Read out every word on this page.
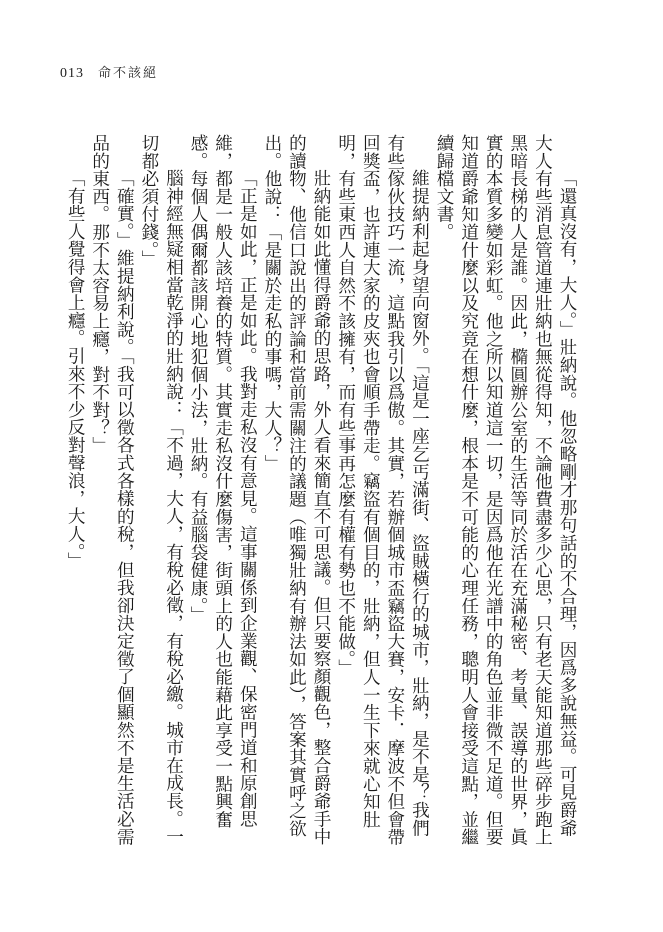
013 命不該絕

「還真沒有，大人。」壯納說。他忽略剛才那句話的不合理，因爲多說無益。可見爵爺大人有些消息管道連壯納也無從得知，不論他費盡多少心思，只有老天能知道那些碎步跑上黑暗長梯的人是誰。因此，橢圓辦公室的生活等同於活在充滿秘密、考量、誤導的世界，眞實的本質多變如彩虹。他之所以知道這一切，是因爲他在光譜中的角色並非微不足道。但要知道爵爺知道什麼以及究竟在想什麼，根本是不可能的心理任務，聰明人會接受這點，並繼續歸檔文書。

維提納利起身望向窗外。「這是一座乞丐滿街、盜賊橫行的城市，壯納，是不是？我們有些傢伙技巧一流，這點我引以爲傲。其實，若辦個城市盃竊盜大賽，安卡．摩波不但會帶回獎盃，也許連大家的皮夾也會順手帶走。竊盜有個目的，壯納，但人一生下來就心知肚明，有些東西人自然不該擁有，而有些事再怎麼有權有勢也不能做。」

壯納能如此懂得爵爺的思路，外人看來簡直不可思議。但只要察顏觀色，整合爵爺手中的讀物、他信口說出的評論和當前需關注的議題（唯獨壯納有辦法如此），答案其實呼之欲出。他說：「是關於走私的事嗎，大人？」

「正是如此，正是如此。我對走私沒有意見。這事關係到企業觀、保密門道和原創思維，都是一般人該培養的特質。其實走私沒什麼傷害，街頭上的人也能藉此享受一點興奮感。每個人偶爾都該開心地犯個小法，壯納。有益腦袋健康。」

腦神經無疑相當乾淨的壯納說：「不過，大人，有稅必徵，有稅必繳。城市在成長。一切都必須付錢。」

「確實。」維提納利說。「我可以徵各式各樣的稅，但我卻決定徵了個顯然不是生活必需品的東西。那不太容易上癮，對不對？」

「有些人覺得會上癮。引來不少反對聲浪，大人。」
